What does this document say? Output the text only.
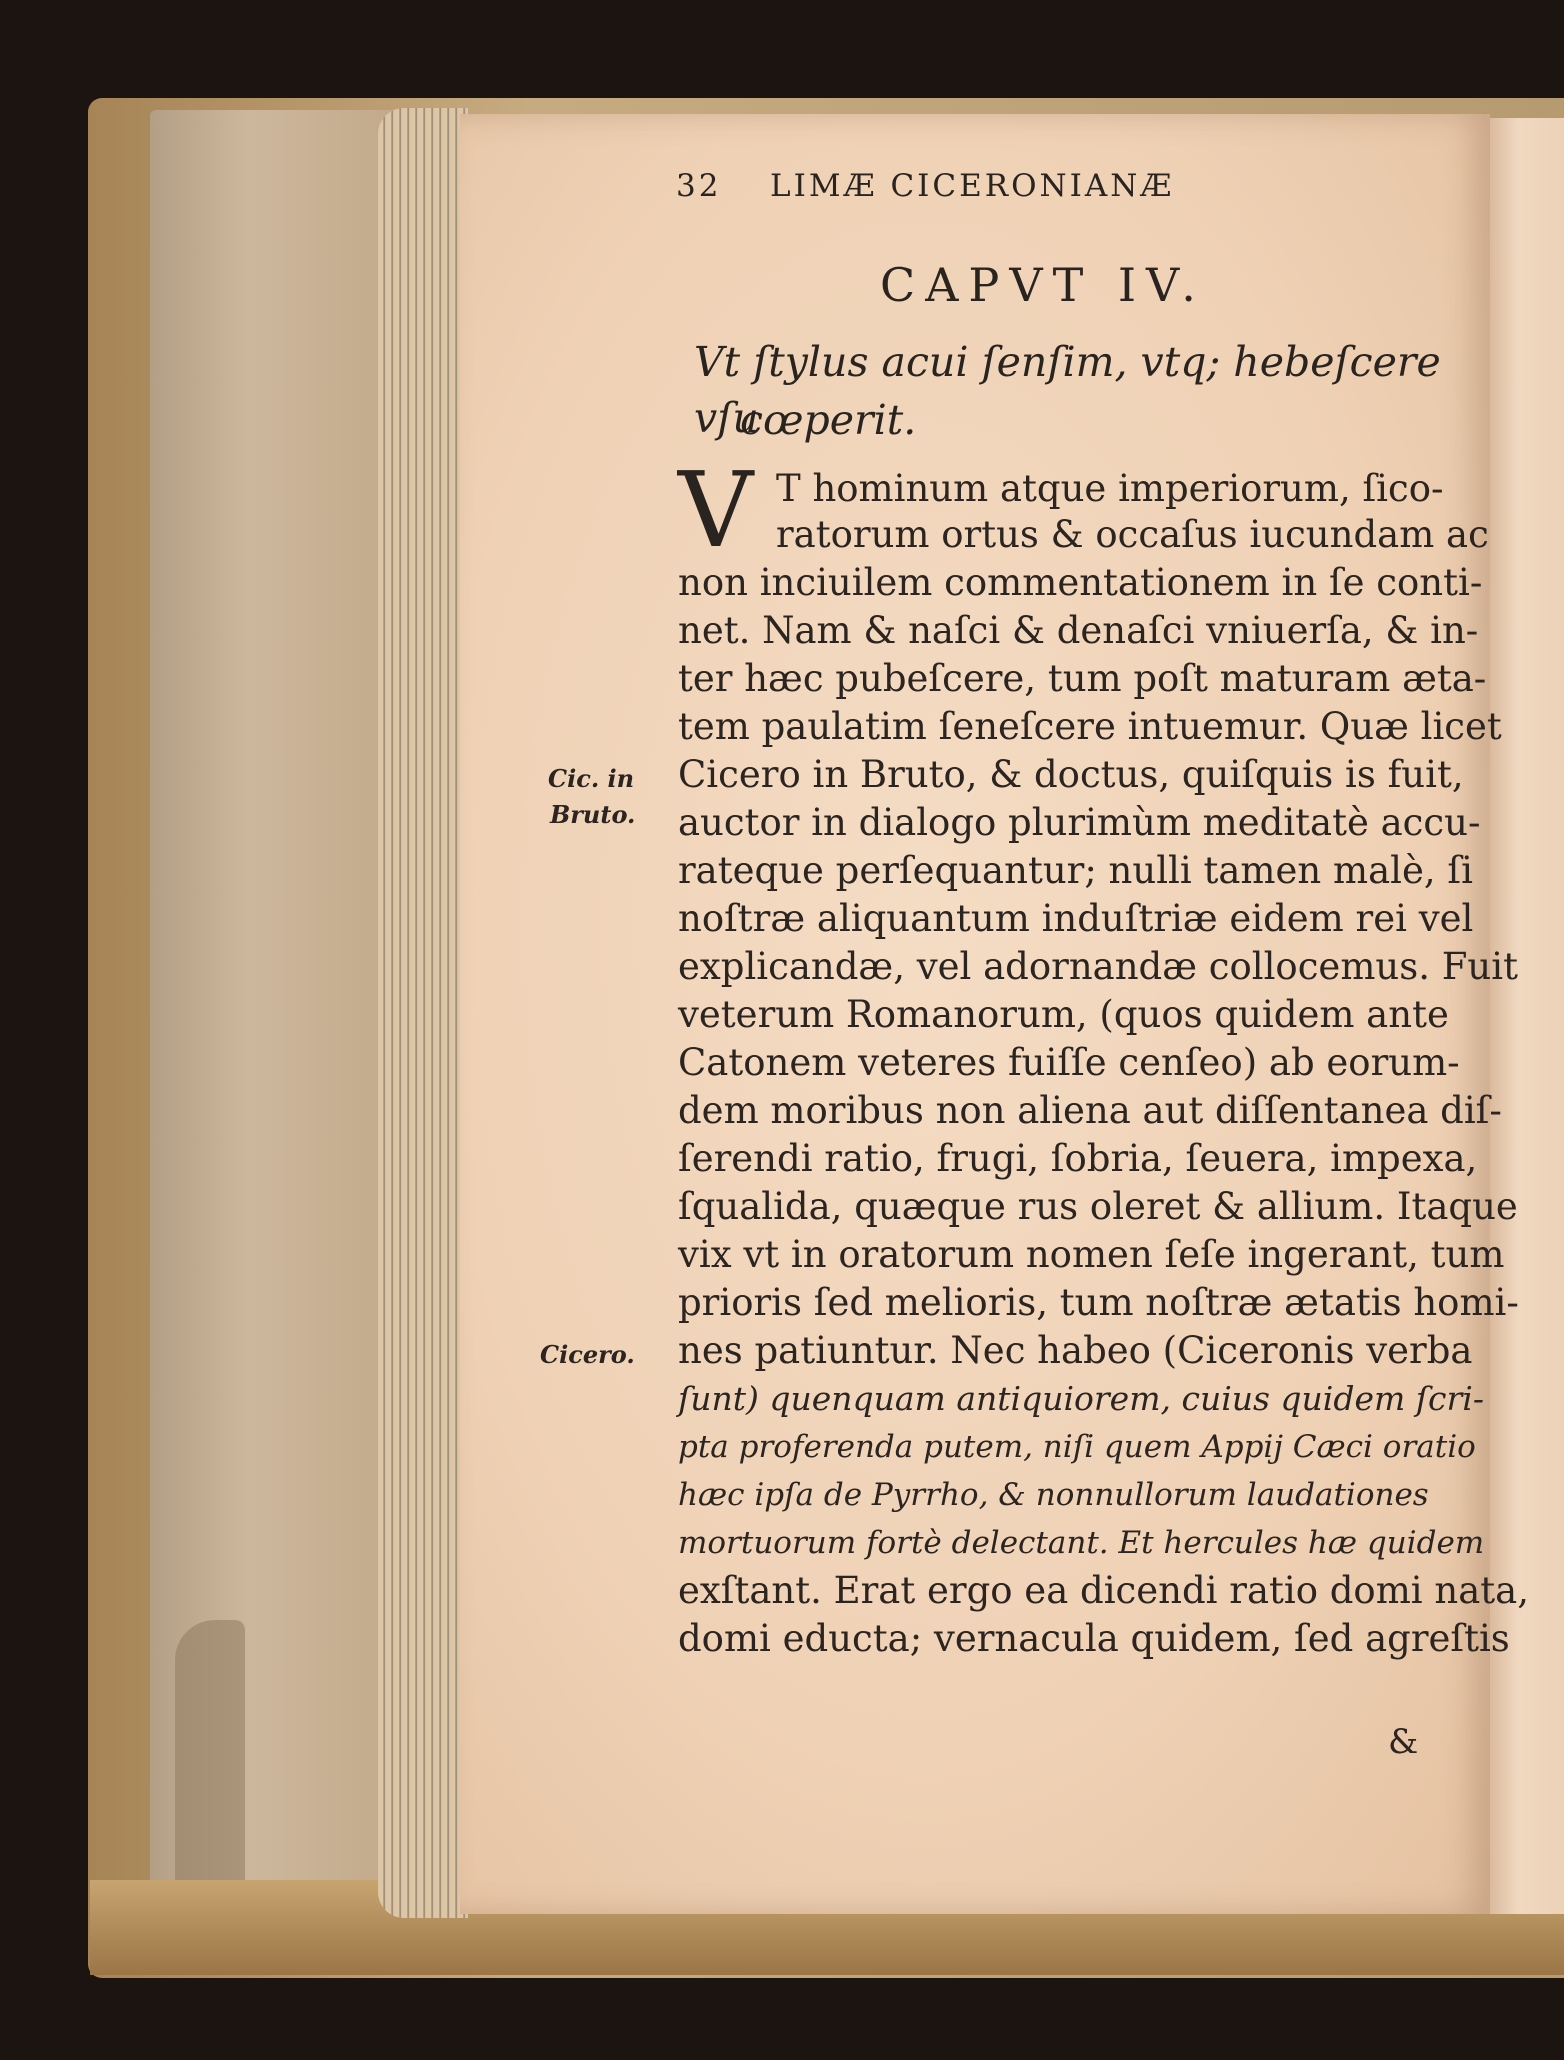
32 LIMÆ CICERONIANÆ
CAPVT IV.
Vt ſtylus acui ſenſim, vtq; hebeſcere vſu
cœperit.
V T hominum atque imperiorum, ſico-
ratorum ortus & occaſus iucundam ac
non inciuilem commentationem in ſe conti-
net. Nam & naſci & denaſci vniuerſa, & in-
ter hæc pubeſcere, tum poſt maturam æta-
tem paulatim ſeneſcere intuemur. Quæ licet
Cicero in Bruto, & doctus, quiſquis is fuit,
auctor in dialogo plurimùm meditatè accu-
rateque perſequantur; nulli tamen malè, ſi
noſtræ aliquantum induſtriæ eidem rei vel
explicandæ, vel adornandæ collocemus. Fuit
veterum Romanorum, (quos quidem ante
Catonem veteres fuiſſe cenſeo) ab eorum-
dem moribus non aliena aut diſſentanea diſ-
ſerendi ratio, frugi, ſobria, ſeuera, impexa,
ſqualida, quæque rus oleret & allium. Itaque
vix vt in oratorum nomen ſeſe ingerant, tum
prioris ſed melioris, tum noſtræ ætatis homi-
nes patiuntur. Nec habeo (Ciceronis verba
ſunt) quenquam antiquiorem, cuius quidem ſcri-
pta proferenda putem, niſi quem Appij Cæci oratio
hæc ipſa de Pyrrho, & nonnullorum laudationes
mortuorum fortè delectant. Et hercules hæ quidem
exſtant. Erat ergo ea dicendi ratio domi nata,
domi educta; vernacula quidem, ſed agreſtis
&
Cic. in
Bruto.
Cicero.
